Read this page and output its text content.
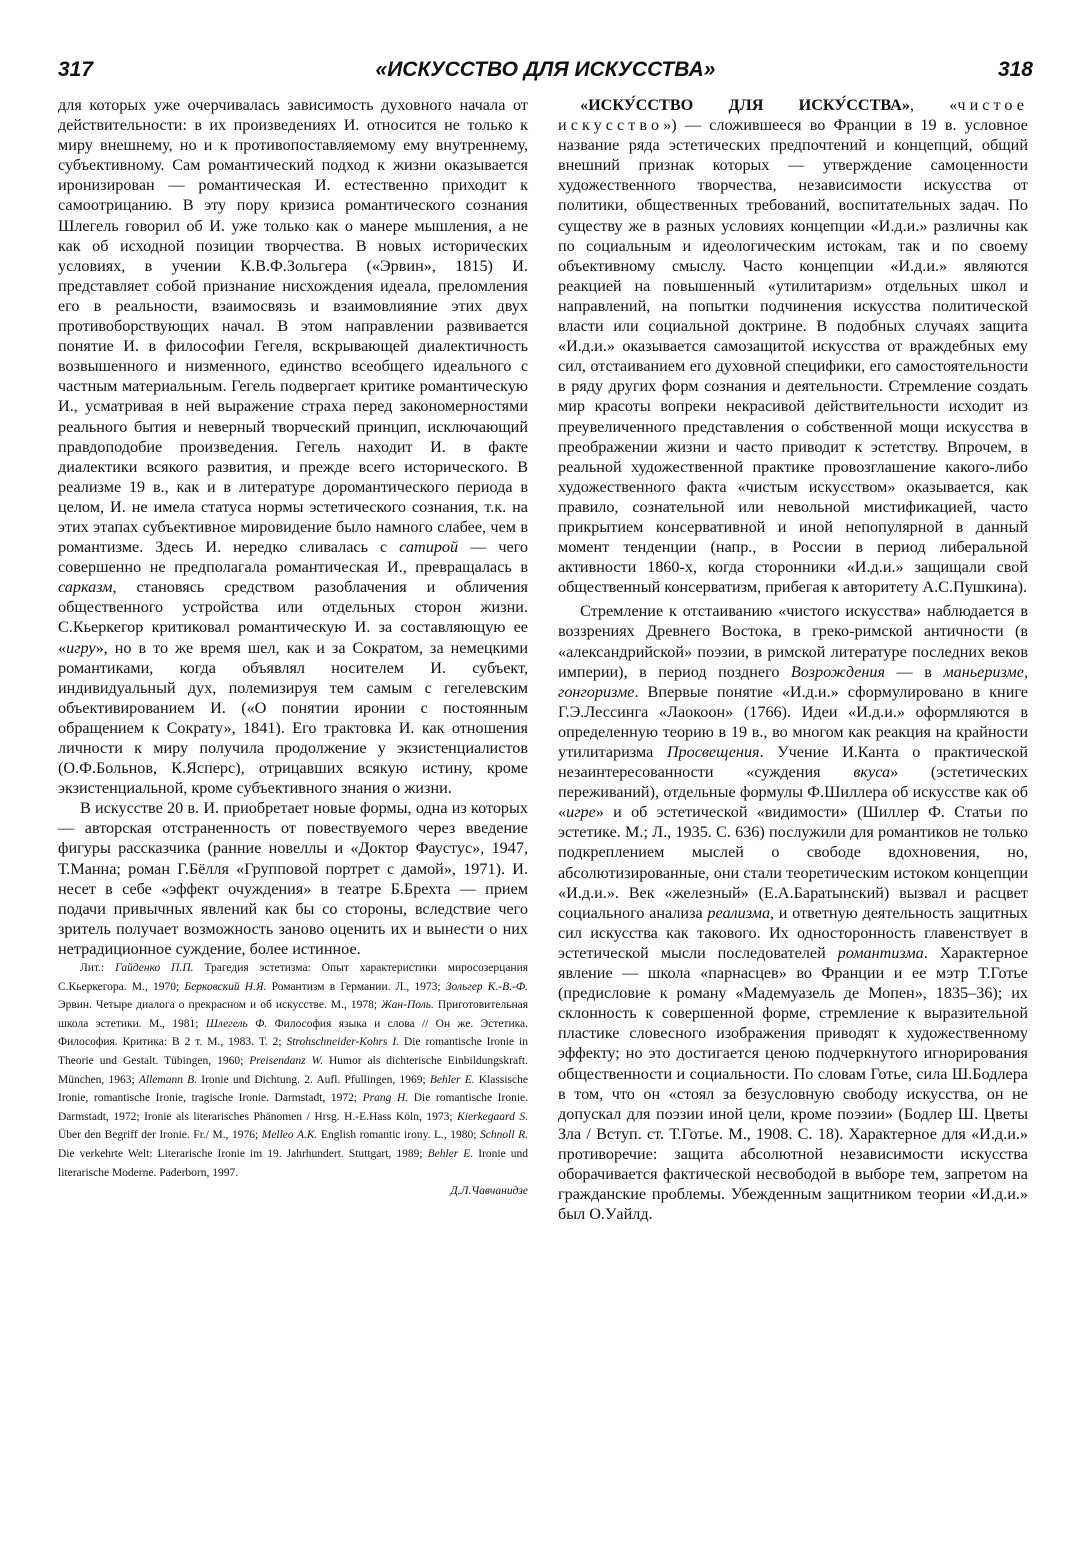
317	«ИСКУССТВО ДЛЯ ИСКУССТВА»	318

для которых уже очерчивалась зависимость духовного начала от действительности: в их произведениях И. относится не только к миру внешнему, но и к противопоставляемому ему внутреннему, субъективному. Сам романтический подход к жизни оказывается иронизирован — романтическая И. естественно приходит к самоотрицанию. В эту пору кризиса романтического сознания Шлегель говорил об И. уже только как о манере мышления, а не как об исходной позиции творчества. В новых исторических условиях, в учении К.В.Ф.Зольгера («Эрвин», 1815) И. представляет собой признание нисхождения идеала, преломления его в реальности, взаимосвязь и взаимовлияние этих двух противоборствующих начал. В этом направлении развивается понятие И. в философии Гегеля, вскрывающей диалектичность возвышенного и низменного, единство всеобщего идеального с частным материальным. Гегель подвергает критике романтическую И., усматривая в ней выражение страха перед закономерностями реального бытия и неверный творческий принцип, исключающий правдоподобие произведения. Гегель находит И. в факте диалектики всякого развития, и прежде всего исторического. В реализме 19 в., как и в литературе доромантического периода в целом, И. не имела статуса нормы эстетического сознания, т.к. на этих этапах субъективное мировидение было намного слабее, чем в романтизме. Здесь И. нередко сливалась с сатирой — чего совершенно не предполагала романтическая И., превращалась в сарказм, становясь средством разоблачения и обличения общественного устройства или отдельных сторон жизни. С.Кьеркегор критиковал романтическую И. за составляющую ее «игру», но в то же время шел, как и за Сократом, за немецкими романтиками, когда объявлял носителем И. субъект, индивидуальный дух, полемизируя тем самым с гегелевским объективированием И. («О понятии иронии с постоянным обращением к Сократу», 1841). Его трактовка И. как отношения личности к миру получила продолжение у экзистенциалистов (О.Ф.Больнов, К.Ясперс), отрицавших всякую истину, кроме экзистенциальной, кроме субъективного знания о жизни.

В искусстве 20 в. И. приобретает новые формы, одна из которых — авторская отстраненность от повествуемого через введение фигуры рассказчика (ранние новеллы и «Доктор Фаустус», 1947, Т.Манна; роман Г.Бёлля «Групповой портрет с дамой», 1971). И. несет в себе «эффект очуждения» в театре Б.Брехта — прием подачи привычных явлений как бы со стороны, вследствие чего зритель получает возможность заново оценить их и вынести о них нетрадиционное суждение, более истинное.

Лит.: Гайденко П.П. Трагедия эстетизма: Опыт характеристики миросозерцания С.Кьеркегора. М., 1970; Берковский Н.Я. Романтизм в Германии. Л., 1973; Зольгер К.-В.-Ф. Эрвин. Четыре диалога о прекрасном и об искусстве. М., 1978; Жан-Поль. Приготовительная школа эстетики. М., 1981; Шлегель Ф. Философия языка и слова // Он же. Эстетика. Философия. Критика: В 2 т. М., 1983. Т. 2; Strohschneider-Kohrs I. Die romantische Ironie in Theorie und Gestalt. Tübingen, 1960; Preisendanz W. Humor als dichterische Einbildungskraft. München, 1963; Allemann B. Ironie und Dichtung. 2. Aufl. Pfullingen, 1969; Behler E. Klassische Ironie, romantische Ironie, tragische Ironie. Darmstadt, 1972; Prang H. Die romantische Ironie. Darmstadt, 1972; Ironie als literarisches Phänomen / Hrsg. H.-E.Hass Köln, 1973; Kierkegaard S. Über den Begriff der Ironie. Fr./ M., 1976; Melleo A.K. English romantic irony. L., 1980; Schnoll R. Die verkehrte Welt: Literarische Ironie im 19. Jahrhundert. Stuttgart, 1989; Behler E. Ironie und literarische Moderne. Paderborn, 1997.

Д.Л.Чавчанидзе

«ИСКУ́ССТВО ДЛЯ ИСКУ́ССТВА», «чистое искусство») — сложившееся во Франции в 19 в. условное название ряда эстетических предпочтений и концепций, общий внешний признак которых — утверждение самоценности художественного творчества, независимости искусства от политики, общественных требований, воспитательных задач. По существу же в разных условиях концепции «И.д.и.» различны как по социальным и идеологическим истокам, так и по своему объективному смыслу. Часто концепции «И.д.и.» являются реакцией на повышенный «утилитаризм» отдельных школ и направлений, на попытки подчинения искусства политической власти или социальной доктрине. В подобных случаях защита «И.д.и.» оказывается самозащитой искусства от враждебных ему сил, отстаиванием его духовной специфики, его самостоятельности в ряду других форм сознания и деятельности. Стремление создать мир красоты вопреки некрасивой действительности исходит из преувеличенного представления о собственной мощи искусства в преображении жизни и часто приводит к эстетству. Впрочем, в реальной художественной практике провозглашение какого-либо художественного факта «чистым искусством» оказывается, как правило, сознательной или невольной мистификацией, часто прикрытием консервативной и иной непопулярной в данный момент тенденции (напр., в России в период либеральной активности 1860-х, когда сторонники «И.д.и.» защищали свой общественный консерватизм, прибегая к авторитету А.С.Пушкина).

Стремление к отстаиванию «чистого искусства» наблюдается в воззрениях Древнего Востока, в греко-римской античности (в «александрийской» поэзии, в римской литературе последних веков империи), в период позднего Возрождения — в маньеризме, гонгоризме. Впервые понятие «И.д.и.» сформулировано в книге Г.Э.Лессинга «Лаокоон» (1766). Идеи «И.д.и.» оформляются в определенную теорию в 19 в., во многом как реакция на крайности утилитаризма Просвещения. Учение И.Канта о практической незаинтересованности «суждения вкуса» (эстетических переживаний), отдельные формулы Ф.Шиллера об искусстве как об «игре» и об эстетической «видимости» (Шиллер Ф. Статьи по эстетике. М.; Л., 1935. С. 636) послужили для романтиков не только подкреплением мыслей о свободе вдохновения, но, абсолютизированные, они стали теоретическим истоком концепции «И.д.и.». Век «железный» (Е.А.Баратынский) вызвал и расцвет социального анализа реализма, и ответную деятельность защитных сил искусства как такового. Их односторонность главенствует в эстетической мысли последователей романтизма. Характерное явление — школа «парнасцев» во Франции и ее мэтр Т.Готье (предисловие к роману «Мадемуазель де Мопен», 1835–36); их склонность к совершенной форме, стремление к выразительной пластике словесного изображения приводят к художественному эффекту; но это достигается ценою подчеркнутого игнорирования общественности и социальности. По словам Готье, сила Ш.Бодлера в том, что он «стоял за безусловную свободу искусства, он не допускал для поэзии иной цели, кроме поэзии» (Бодлер Ш. Цветы Зла / Вступ. ст. Т.Готье. М., 1908. С. 18). Характерное для «И.д.и.» противоречие: защита абсолютной независимости искусства оборачивается фактической несвободой в выборе тем, запретом на гражданские проблемы. Убежденным защитником теории «И.д.и.» был О.Уайлд.
